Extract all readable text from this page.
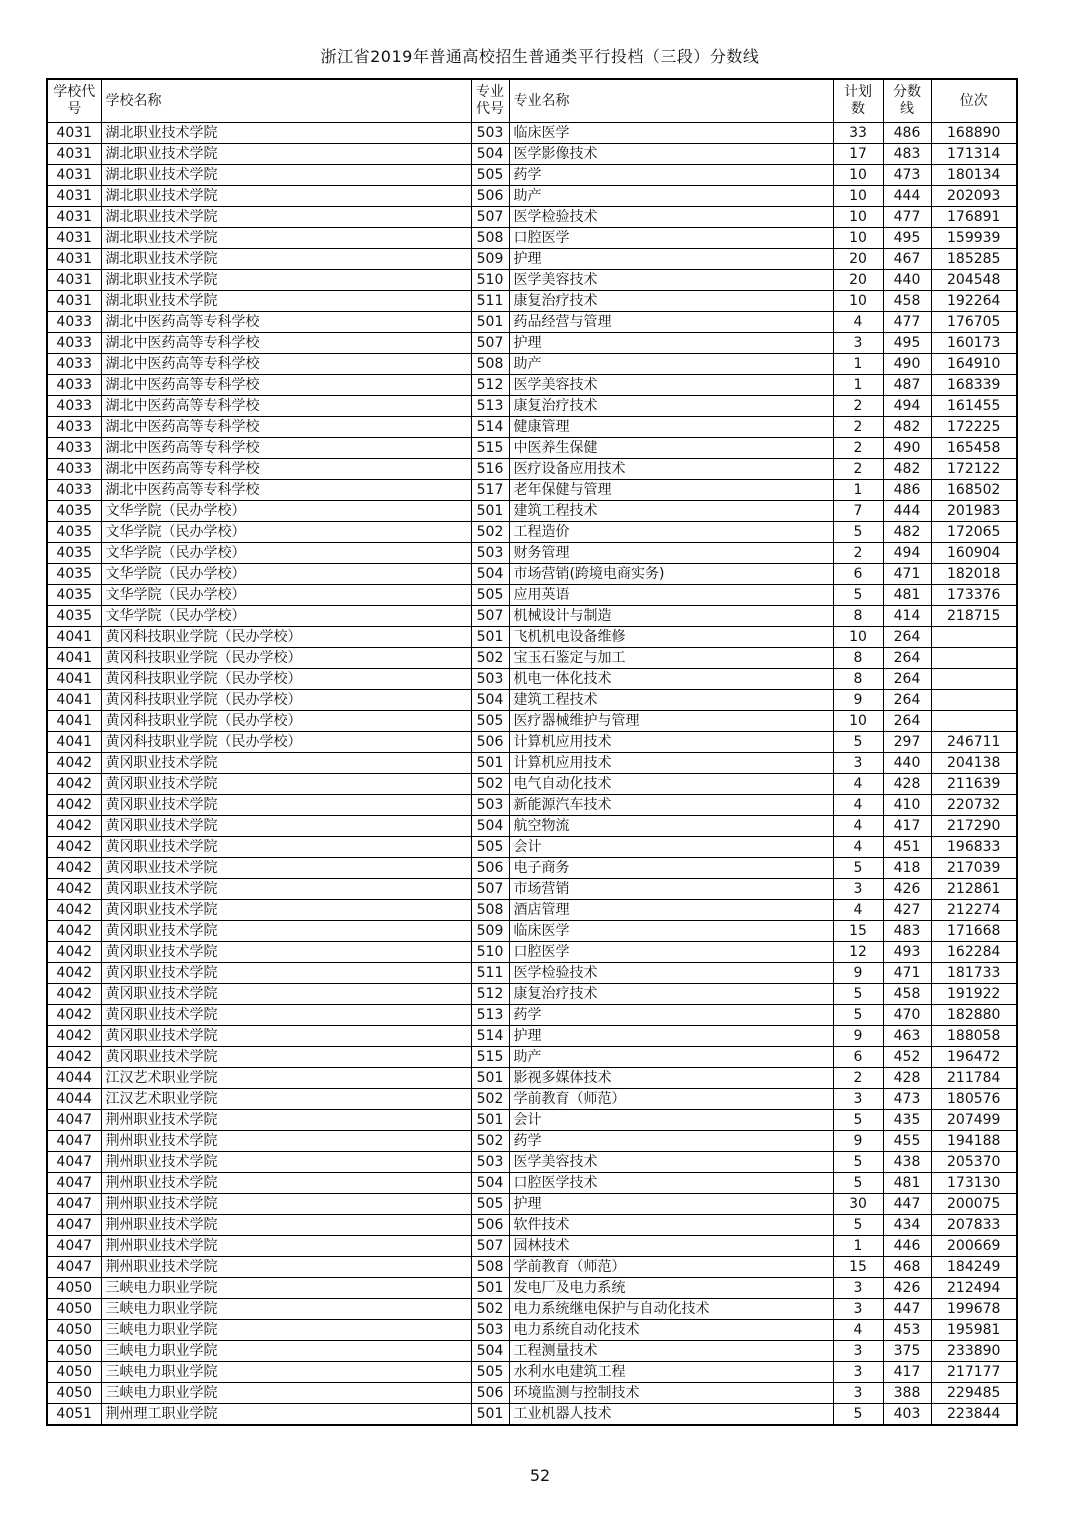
浙江省2019年普通高校招生普通类平行投档（三段）分数线
学校代号	学校名称	专业代号	专业名称	计划数	分数线	位次
4031	湖北职业技术学院	503	临床医学	33	486	168890
4031	湖北职业技术学院	504	医学影像技术	17	483	171314
4031	湖北职业技术学院	505	药学	10	473	180134
4031	湖北职业技术学院	506	助产	10	444	202093
4031	湖北职业技术学院	507	医学检验技术	10	477	176891
4031	湖北职业技术学院	508	口腔医学	10	495	159939
4031	湖北职业技术学院	509	护理	20	467	185285
4031	湖北职业技术学院	510	医学美容技术	20	440	204548
4031	湖北职业技术学院	511	康复治疗技术	10	458	192264
4033	湖北中医药高等专科学校	501	药品经营与管理	4	477	176705
4033	湖北中医药高等专科学校	507	护理	3	495	160173
4033	湖北中医药高等专科学校	508	助产	1	490	164910
4033	湖北中医药高等专科学校	512	医学美容技术	1	487	168339
4033	湖北中医药高等专科学校	513	康复治疗技术	2	494	161455
4033	湖北中医药高等专科学校	514	健康管理	2	482	172225
4033	湖北中医药高等专科学校	515	中医养生保健	2	490	165458
4033	湖北中医药高等专科学校	516	医疗设备应用技术	2	482	172122
4033	湖北中医药高等专科学校	517	老年保健与管理	1	486	168502
4035	文华学院（民办学校）	501	建筑工程技术	7	444	201983
4035	文华学院（民办学校）	502	工程造价	5	482	172065
4035	文华学院（民办学校）	503	财务管理	2	494	160904
4035	文华学院（民办学校）	504	市场营销(跨境电商实务)	6	471	182018
4035	文华学院（民办学校）	505	应用英语	5	481	173376
4035	文华学院（民办学校）	507	机械设计与制造	8	414	218715
4041	黄冈科技职业学院（民办学校）	501	飞机机电设备维修	10	264	
4041	黄冈科技职业学院（民办学校）	502	宝玉石鉴定与加工	8	264	
4041	黄冈科技职业学院（民办学校）	503	机电一体化技术	8	264	
4041	黄冈科技职业学院（民办学校）	504	建筑工程技术	9	264	
4041	黄冈科技职业学院（民办学校）	505	医疗器械维护与管理	10	264	
4041	黄冈科技职业学院（民办学校）	506	计算机应用技术	5	297	246711
4042	黄冈职业技术学院	501	计算机应用技术	3	440	204138
4042	黄冈职业技术学院	502	电气自动化技术	4	428	211639
4042	黄冈职业技术学院	503	新能源汽车技术	4	410	220732
4042	黄冈职业技术学院	504	航空物流	4	417	217290
4042	黄冈职业技术学院	505	会计	4	451	196833
4042	黄冈职业技术学院	506	电子商务	5	418	217039
4042	黄冈职业技术学院	507	市场营销	3	426	212861
4042	黄冈职业技术学院	508	酒店管理	4	427	212274
4042	黄冈职业技术学院	509	临床医学	15	483	171668
4042	黄冈职业技术学院	510	口腔医学	12	493	162284
4042	黄冈职业技术学院	511	医学检验技术	9	471	181733
4042	黄冈职业技术学院	512	康复治疗技术	5	458	191922
4042	黄冈职业技术学院	513	药学	5	470	182880
4042	黄冈职业技术学院	514	护理	9	463	188058
4042	黄冈职业技术学院	515	助产	6	452	196472
4044	江汉艺术职业学院	501	影视多媒体技术	2	428	211784
4044	江汉艺术职业学院	502	学前教育（师范）	3	473	180576
4047	荆州职业技术学院	501	会计	5	435	207499
4047	荆州职业技术学院	502	药学	9	455	194188
4047	荆州职业技术学院	503	医学美容技术	5	438	205370
4047	荆州职业技术学院	504	口腔医学技术	5	481	173130
4047	荆州职业技术学院	505	护理	30	447	200075
4047	荆州职业技术学院	506	软件技术	5	434	207833
4047	荆州职业技术学院	507	园林技术	1	446	200669
4047	荆州职业技术学院	508	学前教育（师范）	15	468	184249
4050	三峡电力职业学院	501	发电厂及电力系统	3	426	212494
4050	三峡电力职业学院	502	电力系统继电保护与自动化技术	3	447	199678
4050	三峡电力职业学院	503	电力系统自动化技术	4	453	195981
4050	三峡电力职业学院	504	工程测量技术	3	375	233890
4050	三峡电力职业学院	505	水利水电建筑工程	3	417	217177
4050	三峡电力职业学院	506	环境监测与控制技术	3	388	229485
4051	荆州理工职业学院	501	工业机器人技术	5	403	223844
52
